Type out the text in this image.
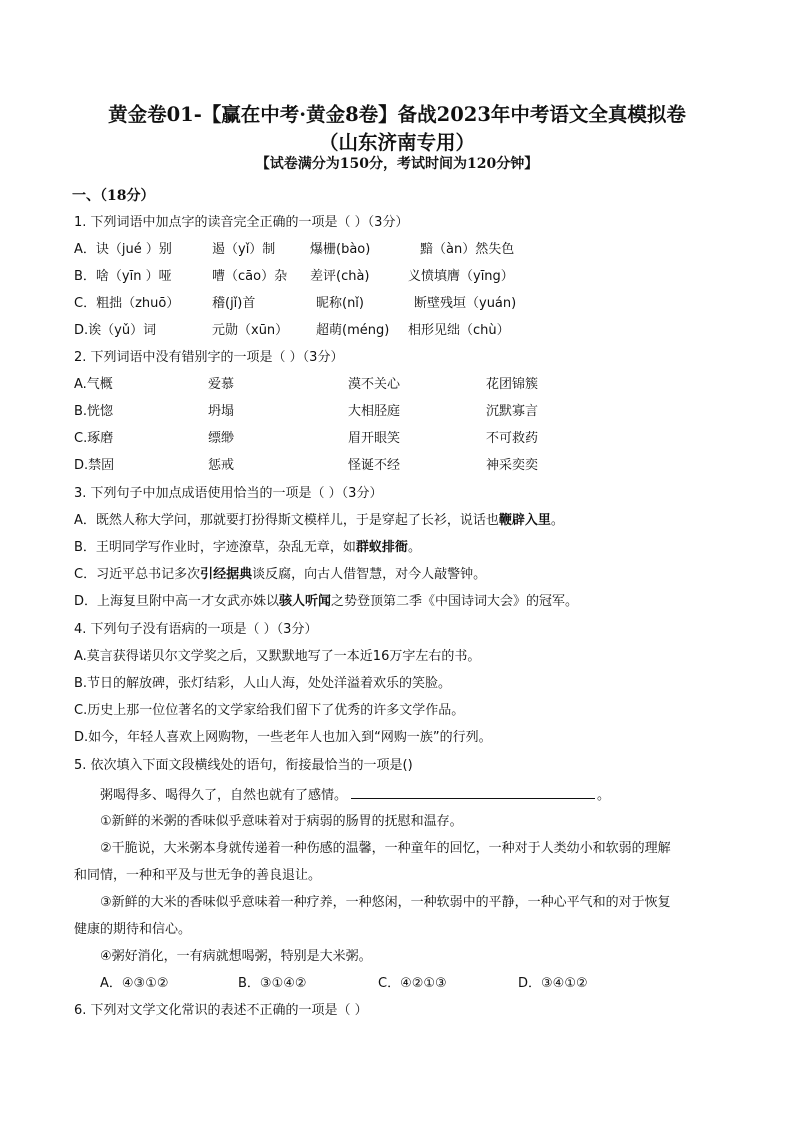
黄金卷01-【赢在中考·黄金8卷】备战2023年中考语文全真模拟卷
（山东济南专用）
【试卷满分为150分，考试时间为120分钟】
一、（18分）
1. 下列词语中加点字的读音完全正确的一项是（ ）（3分）
A．诀（jué ）别	遏（yǐ）制	爆栅(bào)	黯（àn）然失色
B．啥（yīn ）哑	嘈（cāo）杂 差评(chà)	义愤填膺（yīng）
C．粗拙（zhuō）	稽(jǐ)首	昵称(nǐ)	断壁残垣（yuán)
D.诶（yǔ）词	元勋（xūn） 超萌(méng) 相形见绌（chù）
2. 下列词语中没有错别字的一项是（ ）（3分）
A.气概	爱慕	漠不关心	花团锦簇
B.恍惚	坍塌	大相胫庭	沉默寡言
C.琢磨	缥缈	眉开眼笑	不可救药
D.禁固	惩戒	怪诞不经	神采奕奕
3. 下列句子中加点成语使用恰当的一项是（ ）（3分）
A．既然人称大学问，那就要打扮得斯文模样儿，于是穿起了长衫，说话也鞭辟入里。
B．王明同学写作业时，字迹潦草，杂乱无章，如群蚁排衙。
C．习近平总书记多次引经据典谈反腐，向古人借智慧，对今人敲警钟。
D．上海复旦附中高一才女武亦姝以骇人听闻之势登顶第二季《中国诗词大会》的冠军。
4. 下列句子没有语病的一项是（ ）（3分）
A.莫言获得诺贝尔文学奖之后，又默默地写了一本近16万字左右的书。
B.节日的解放碑，张灯结彩，人山人海，处处洋溢着欢乐的笑脸。
C.历史上那一位位著名的文学家给我们留下了优秀的许多文学作品。
D.如今，年轻人喜欢上网购物，一些老年人也加入到“网购一族”的行列。
5. 依次填入下面文段横线处的语句，衔接最恰当的一项是()
粥喝得多、喝得久了，自然也就有了感情。	。
①新鲜的米粥的香味似乎意味着对于病弱的肠胃的抚慰和温存。
②干脆说，大米粥本身就传递着一种伤感的温馨，一种童年的回忆，一种对于人类幼小和软弱的理解
和同情，一种和平及与世无争的善良退让。
③新鲜的大米的香味似乎意味着一种疗养，一种悠闲，一种软弱中的平静，一种心平气和的对于恢复
健康的期待和信心。
④粥好消化，一有病就想喝粥，特别是大米粥。
A．④③①②	B．③①④②	C．④②①③	D．③④①②
6. 下列对文学文化常识的表述不正确的一项是（ ）
